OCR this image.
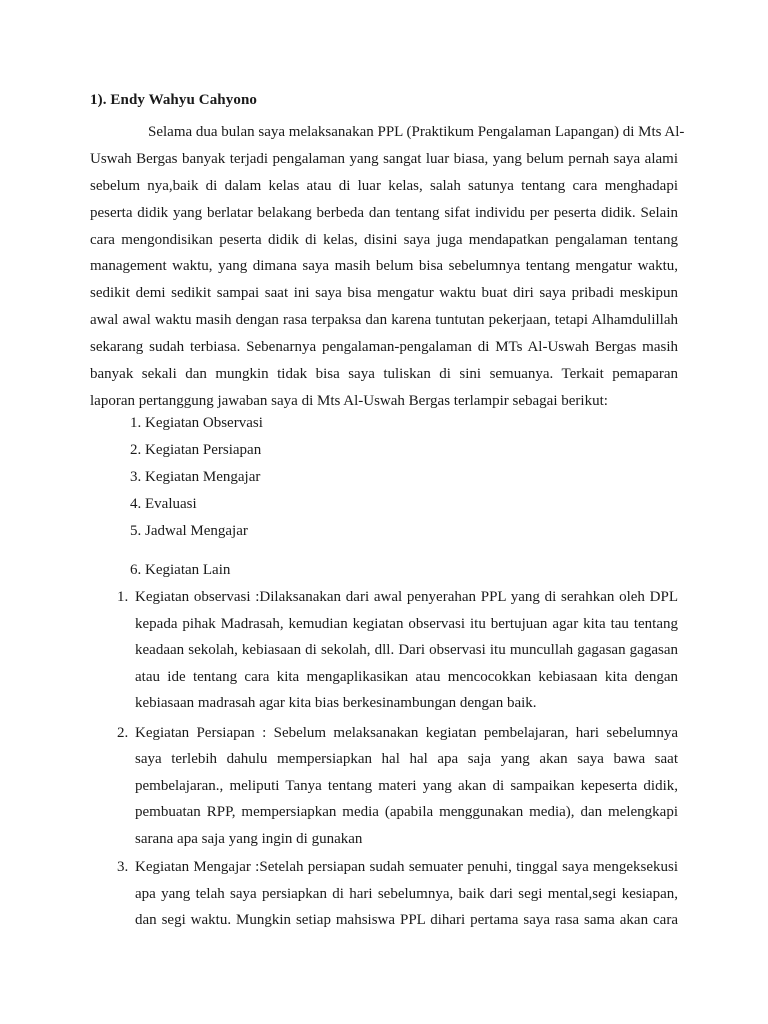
1). Endy Wahyu Cahyono
Selama dua bulan saya melaksanakan PPL (Praktikum Pengalaman Lapangan) di Mts Al-
Uswah Bergas banyak terjadi pengalaman yang sangat luar biasa, yang belum pernah saya alami
sebelum nya,baik di dalam kelas atau di luar kelas, salah satunya tentang cara menghadapi
peserta didik yang berlatar belakang berbeda dan tentang sifat individu per peserta didik. Selain
cara mengondisikan peserta didik di kelas, disini saya juga mendapatkan pengalaman tentang
management waktu, yang dimana saya masih belum bisa sebelumnya tentang mengatur waktu,
sedikit demi sedikit sampai saat ini saya bisa mengatur waktu buat diri saya pribadi meskipun
awal awal waktu masih dengan rasa terpaksa dan karena tuntutan pekerjaan, tetapi Alhamdulillah
sekarang sudah terbiasa. Sebenarnya pengalaman-pengalaman di MTs Al-Uswah Bergas masih
banyak sekali dan mungkin tidak bisa saya tuliskan di sini semuanya. Terkait pemaparan
laporan pertanggung jawaban saya di Mts Al-Uswah Bergas terlampir sebagai berikut:
1. Kegiatan Observasi
2. Kegiatan Persiapan
3. Kegiatan Mengajar
4. Evaluasi
5. Jadwal Mengajar
6. Kegiatan Lain
1. Kegiatan observasi :Dilaksanakan dari awal penyerahan PPL yang di serahkan oleh DPL
kepada pihak Madrasah, kemudian kegiatan observasi itu bertujuan agar kita tau tentang
keadaan sekolah, kebiasaan di sekolah, dll. Dari observasi itu muncullah gagasan gagasan
atau ide tentang cara kita mengaplikasikan atau mencocokkan kebiasaan kita dengan
kebiasaan madrasah agar kita bias berkesinambungan dengan baik.
2. Kegiatan Persiapan : Sebelum melaksanakan kegiatan pembelajaran, hari sebelumnya
saya terlebih dahulu mempersiapkan hal hal apa saja yang akan saya bawa saat
pembelajaran., meliputi Tanya tentang materi yang akan di sampaikan kepeserta didik,
pembuatan RPP, mempersiapkan media (apabila menggunakan media), dan melengkapi
sarana apa saja yang ingin di gunakan
3. Kegiatan Mengajar :Setelah persiapan sudah semuater penuhi, tinggal saya mengeksekusi
apa yang telah saya persiapkan di hari sebelumnya, baik dari segi mental,segi kesiapan,
dan segi waktu. Mungkin setiap mahsiswa PPL dihari pertama saya rasa sama akan cara
